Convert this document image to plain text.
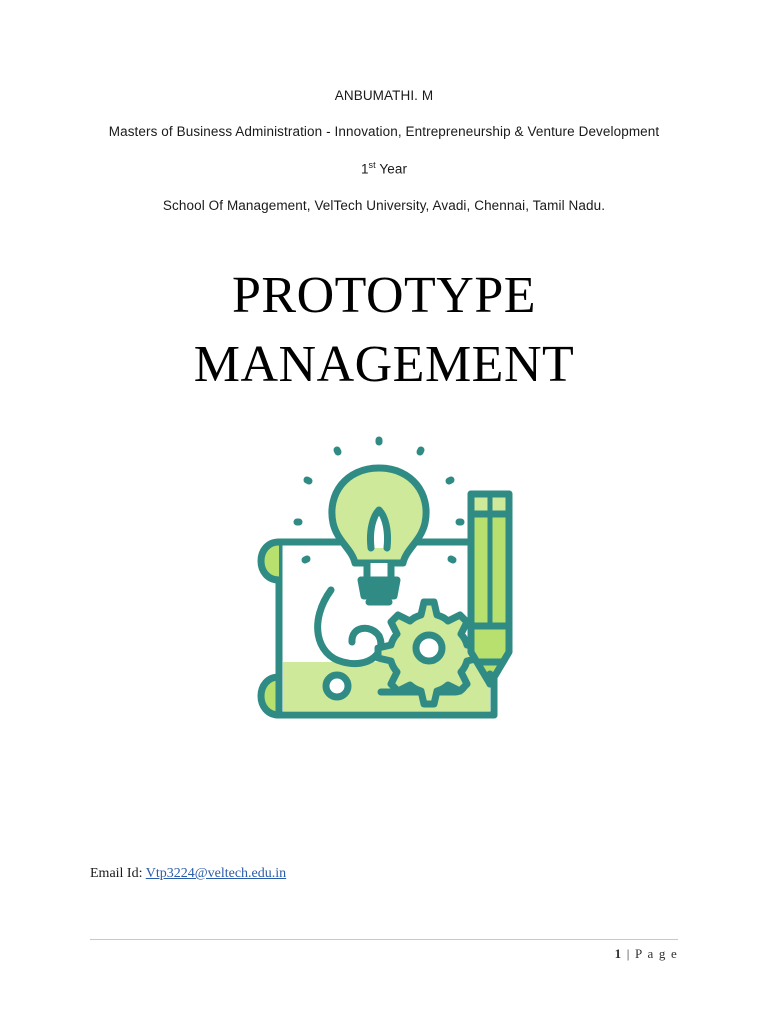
ANBUMATHI. M
Masters of Business Administration - Innovation, Entrepreneurship & Venture Development
1st Year
School Of Management, VelTech University, Avadi, Chennai, Tamil Nadu.
PROTOTYPE
MANAGEMENT
Email Id: Vtp3224@veltech.edu.in
1 | P a g e
